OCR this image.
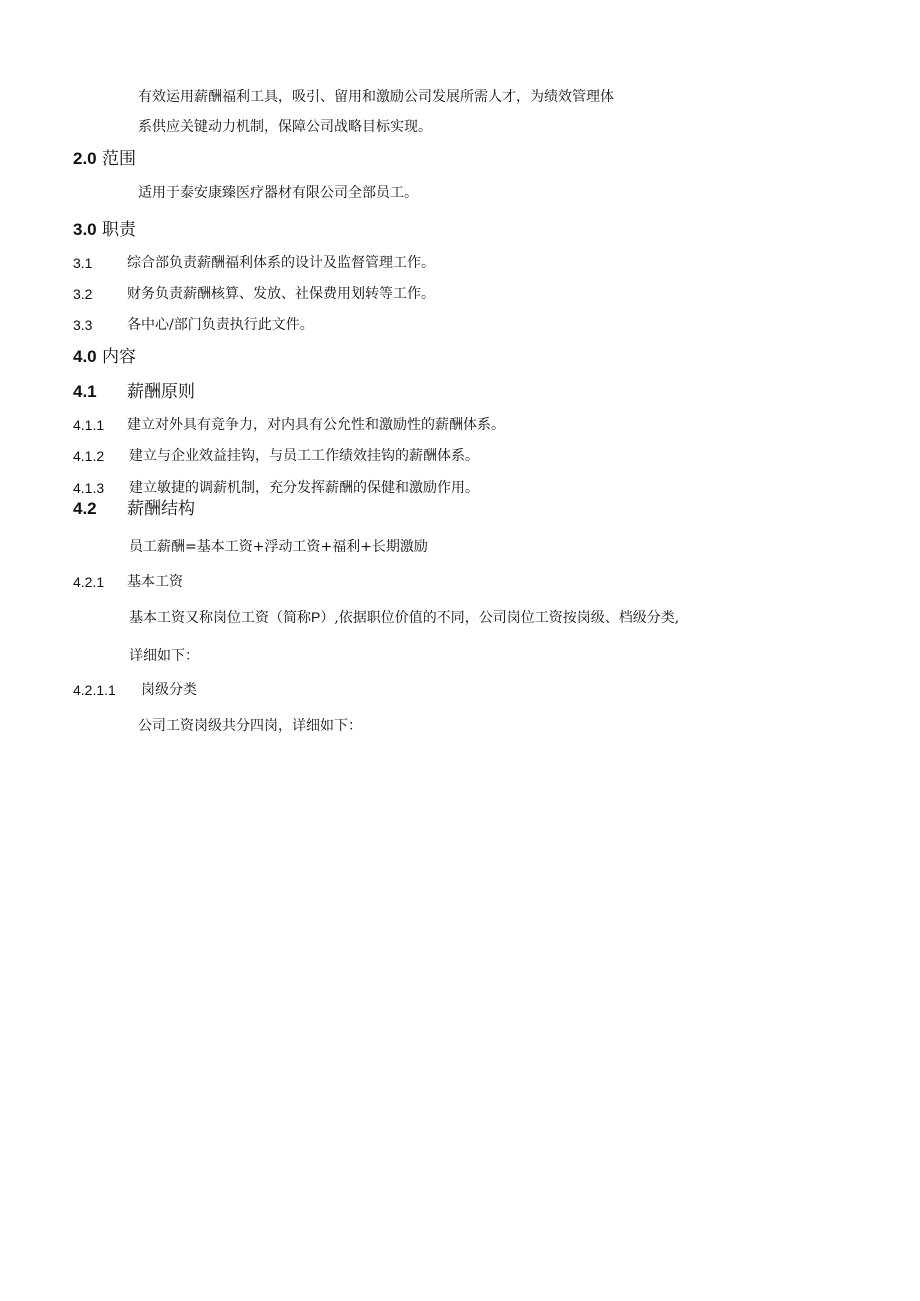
有效运用薪酬福利工具，吸引、留用和激励公司发展所需人才，为绩效管理体
系供应关键动力机制，保障公司战略目标实现。
2.0 范围
适用于泰安康臻医疗器材有限公司全部员工。
3.0 职责
3.1 综合部负责薪酬福利体系的设计及监督管理工作。
3.2 财务负责薪酬核算、发放、社保费用划转等工作。
3.3 各中心/部门负责执行此文件。
4.0 内容
4.1 薪酬原则
4.1.1 建立对外具有竞争力，对内具有公允性和激励性的薪酬体系。
4.1.2 建立与企业效益挂钩，与员工工作绩效挂钩的薪酬体系。
4.1.3 建立敏捷的调薪机制，充分发挥薪酬的保健和激励作用。
4.2 薪酬结构
员工薪酬=基本工资+浮动工资+福利+长期激励
4.2.1 基本工资
基本工资又称岗位工资（简称P）,依据职位价值的不同，公司岗位工资按岗级、档级分类,
详细如下：
4.2.1.1 岗级分类
公司工资岗级共分四岗，详细如下：
